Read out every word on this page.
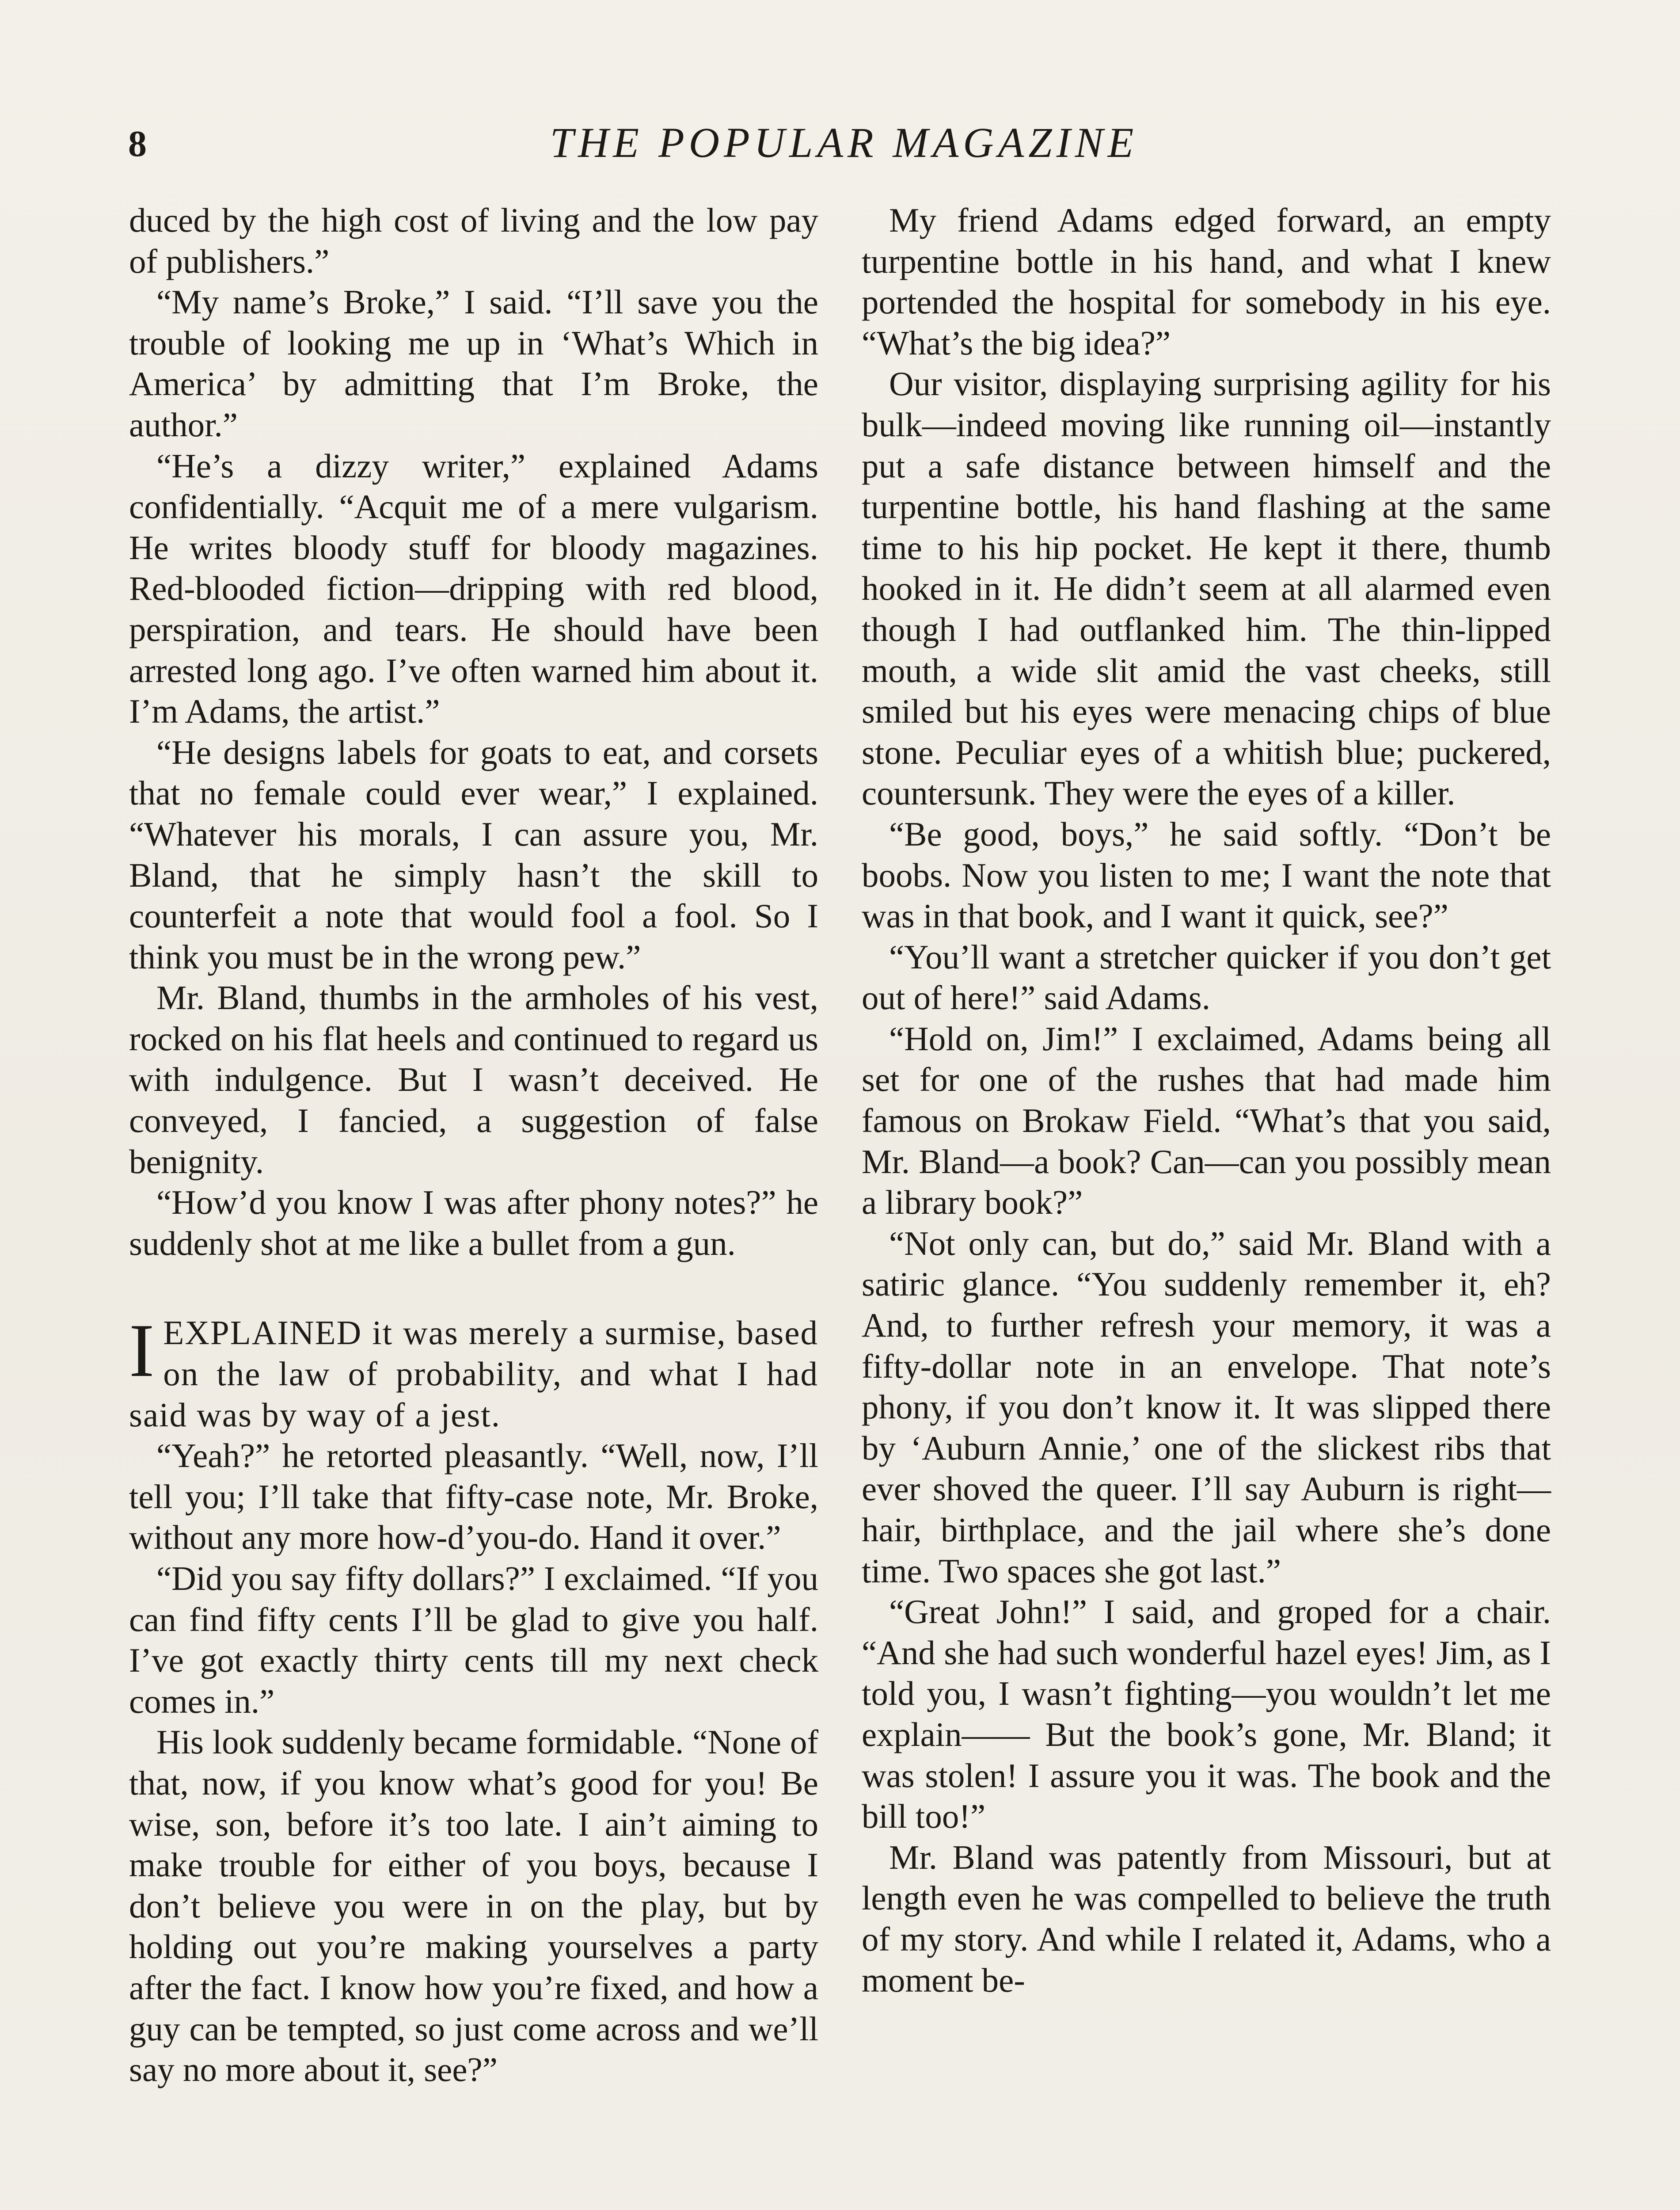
8	THE POPULAR MAGAZINE

duced by the high cost of living and the low pay of publishers.”

“My name’s Broke,” I said. “I’ll save you the trouble of looking me up in ‘What’s Which in America’ by admitting that I’m Broke, the author.”

“He’s a dizzy writer,” explained Adams confidentially. “Acquit me of a mere vulgarism. He writes bloody stuff for bloody magazines. Red-blooded fiction—dripping with red blood, perspiration, and tears. He should have been arrested long ago. I’ve often warned him about it. I’m Adams, the artist.”

“He designs labels for goats to eat, and corsets that no female could ever wear,” I explained. “Whatever his morals, I can assure you, Mr. Bland, that he simply hasn’t the skill to counterfeit a note that would fool a fool. So I think you must be in the wrong pew.”

Mr. Bland, thumbs in the armholes of his vest, rocked on his flat heels and continued to regard us with indulgence. But I wasn’t deceived. He conveyed, I fancied, a suggestion of false benignity.

“How’d you know I was after phony notes?” he suddenly shot at me like a bullet from a gun.

IEXPLAINED it was merely a surmise, based on the law of probability, and what I had said was by way of a jest.

“Yeah?” he retorted pleasantly. “Well, now, I’ll tell you; I’ll take that fifty-case note, Mr. Broke, without any more how-d’you-do. Hand it over.”

“Did you say fifty dollars?” I exclaimed. “If you can find fifty cents I’ll be glad to give you half. I’ve got exactly thirty cents till my next check comes in.”

His look suddenly became formidable. “None of that, now, if you know what’s good for you! Be wise, son, before it’s too late. I ain’t aiming to make trouble for either of you boys, because I don’t believe you were in on the play, but by holding out you’re making yourselves a party after the fact. I know how you’re fixed, and how a guy can be tempted, so just come across and we’ll say no more about it, see?”

My friend Adams edged forward, an empty turpentine bottle in his hand, and what I knew portended the hospital for somebody in his eye. “What’s the big idea?”

Our visitor, displaying surprising agility for his bulk—indeed moving like running oil—instantly put a safe distance between himself and the turpentine bottle, his hand flashing at the same time to his hip pocket. He kept it there, thumb hooked in it. He didn’t seem at all alarmed even though I had outflanked him. The thin-lipped mouth, a wide slit amid the vast cheeks, still smiled but his eyes were menacing chips of blue stone. Peculiar eyes of a whitish blue; puckered, countersunk. They were the eyes of a killer.

“Be good, boys,” he said softly. “Don’t be boobs. Now you listen to me; I want the note that was in that book, and I want it quick, see?”

“You’ll want a stretcher quicker if you don’t get out of here!” said Adams.

“Hold on, Jim!” I exclaimed, Adams being all set for one of the rushes that had made him famous on Brokaw Field. “What’s that you said, Mr. Bland—a book? Can—can you possibly mean a library book?”

“Not only can, but do,” said Mr. Bland with a satiric glance. “You suddenly remember it, eh? And, to further refresh your memory, it was a fifty-dollar note in an envelope. That note’s phony, if you don’t know it. It was slipped there by ‘Auburn Annie,’ one of the slickest ribs that ever shoved the queer. I’ll say Auburn is right—hair, birthplace, and the jail where she’s done time. Two spaces she got last.”

“Great John!” I said, and groped for a chair. “And she had such wonderful hazel eyes! Jim, as I told you, I wasn’t fighting—you wouldn’t let me explain—— But the book’s gone, Mr. Bland; it was stolen! I assure you it was. The book and the bill too!”

Mr. Bland was patently from Missouri, but at length even he was compelled to believe the truth of my story. And while I related it, Adams, who a moment be-
